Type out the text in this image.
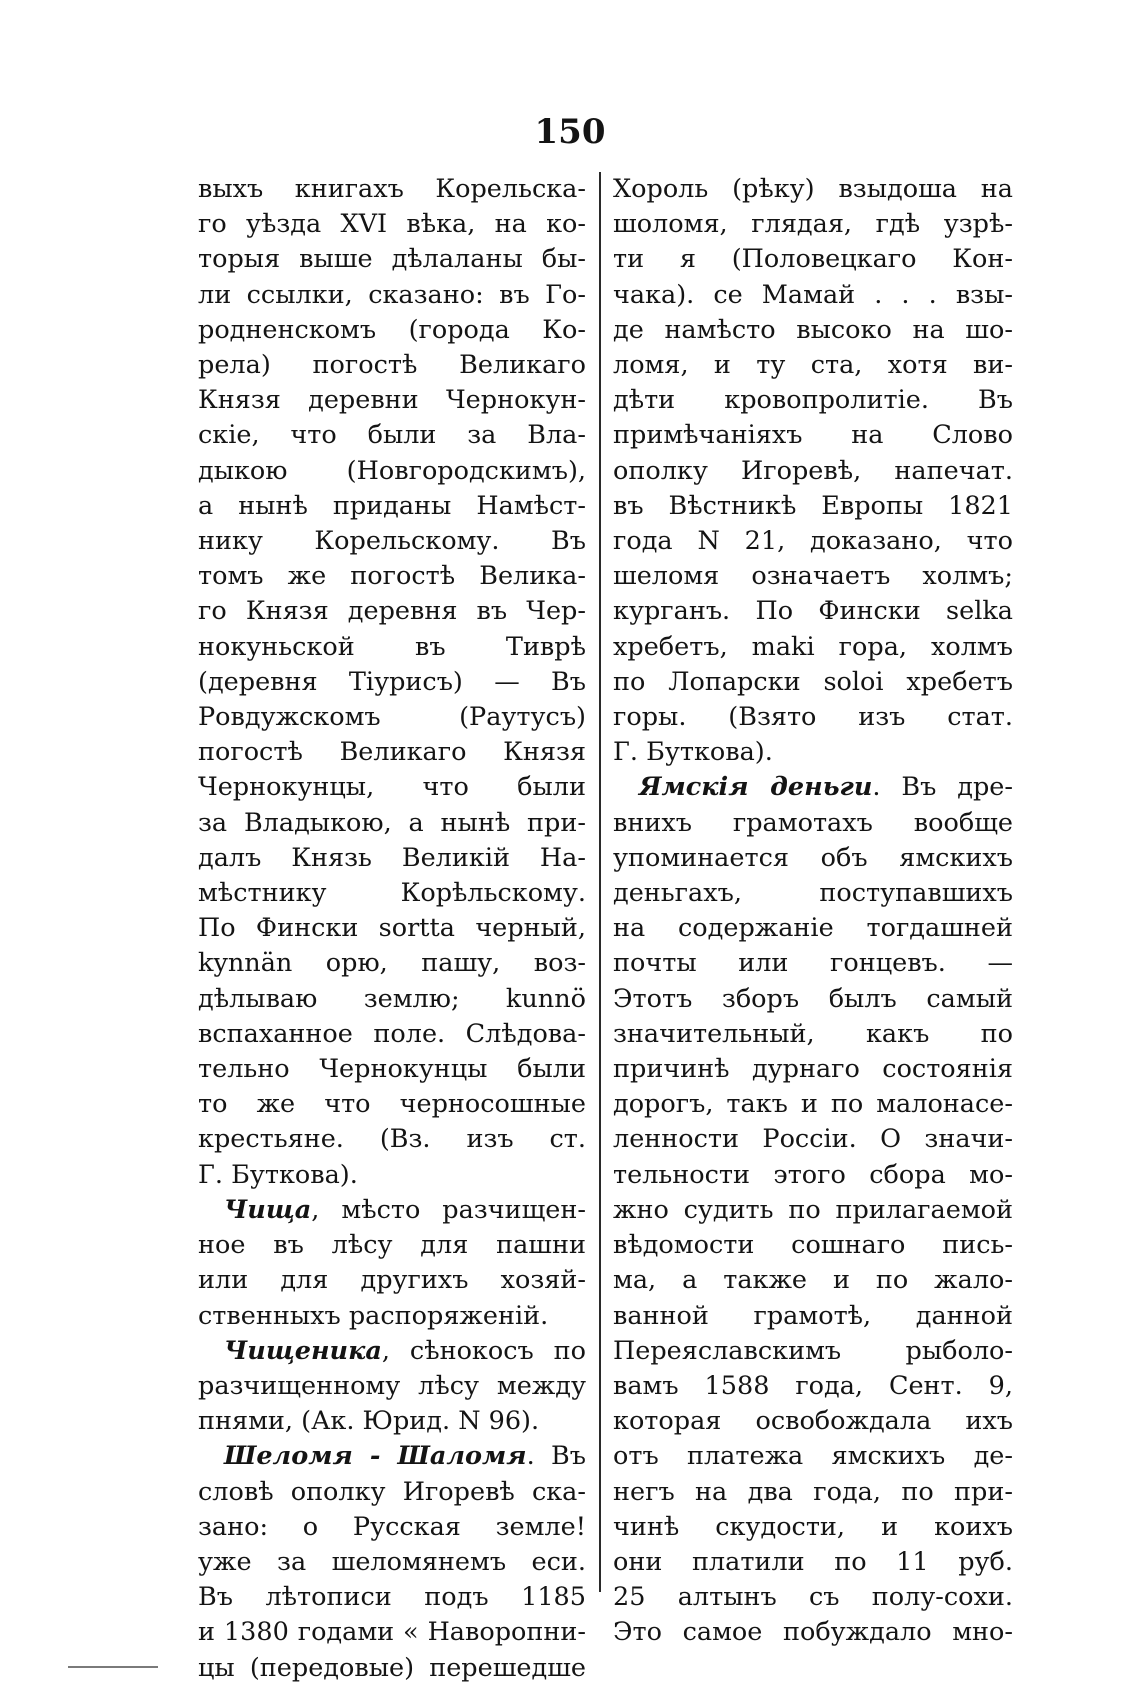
150
выхъ книгахъ Корельска-
го уѣзда XVI вѣка, на ко-
торыя выше дѣлаланы бы-
ли ссылки, сказано: въ Го-
родненскомъ (города Ко-
рела) погостѣ Великаго
Князя деревни Чернокун-
скіе, что были за Вла-
дыкою (Новгородскимъ),
а нынѣ приданы Намѣст-
нику Корельскому. Въ
томъ же погостѣ Велика-
го Князя деревня въ Чер-
нокуньской въ Тиврѣ
(деревня Тіурисъ) — Въ
Ровдужскомъ (Раутусъ)
погостѣ Великаго Князя
Чернокунцы, что были
за Владыкою, а нынѣ при-
далъ Князь Великій На-
мѣстнику Корѣльскому.
По Фински sortta черный,
kynnän орю, пашу, воз-
дѣлываю землю; kunnö
вспаханное поле. Слѣдова-
тельно Чернокунцы были
то же что черносошные
крестьяне. (Вз. изъ ст.
Г. Буткова).
Чища, мѣсто разчищен-
ное въ лѣсу для пашни
или для другихъ хозяй-
ственныхъ распоряженій.
Чищеника, сѣнокосъ по
разчищенному лѣсу между
пнями, (Ак. Юрид. N 96).
Шеломя - Шаломя. Въ
словѣ ополку Игоревѣ ска-
зано: о Русская земле!
уже за шеломянемъ еси.
Въ лѣтописи подъ 1185
и 1380 годами « Наворопни-
цы (передовые) перешедше
Хороль (рѣку) взыдоша на
шоломя, глядая, гдѣ узрѣ-
ти я (Половецкаго Кон-
чака). се Мамай . . . взы-
де намѣсто высоко на шо-
ломя, и ту ста, хотя ви-
дѣти кровопролитіе. Въ
примѣчаніяхъ на Слово
ополку Игоревѣ, напечат.
въ Вѣстникѣ Европы 1821
года N 21, доказано, что
шеломя означаетъ холмъ;
курганъ. По Фински selka
хребетъ, maki гора, холмъ
по Лопарски soloi хребетъ
горы. (Взято изъ стат.
Г. Буткова).
Ямскія деньги. Въ дре-
внихъ грамотахъ вообще
упоминается объ ямскихъ
деньгахъ, поступавшихъ
на содержаніе тогдашней
почты или гонцевъ. —
Этотъ зборъ былъ самый
значительный, какъ по
причинѣ дурнаго состоянія
дорогъ, такъ и по малонасе-
ленности Россіи. О значи-
тельности этого сбора мо-
жно судить по прилагаемой
вѣдомости сошнаго пись-
ма, а также и по жало-
ванной грамотѣ, данной
Переяславскимъ рыболо-
вамъ 1588 года, Сент. 9,
которая освобождала ихъ
отъ платежа ямскихъ де-
негъ на два года, по при-
чинѣ скудости, и коихъ
они платили по 11 руб.
25 алтынъ съ полу-сохи.
Это самое побуждало мно-
